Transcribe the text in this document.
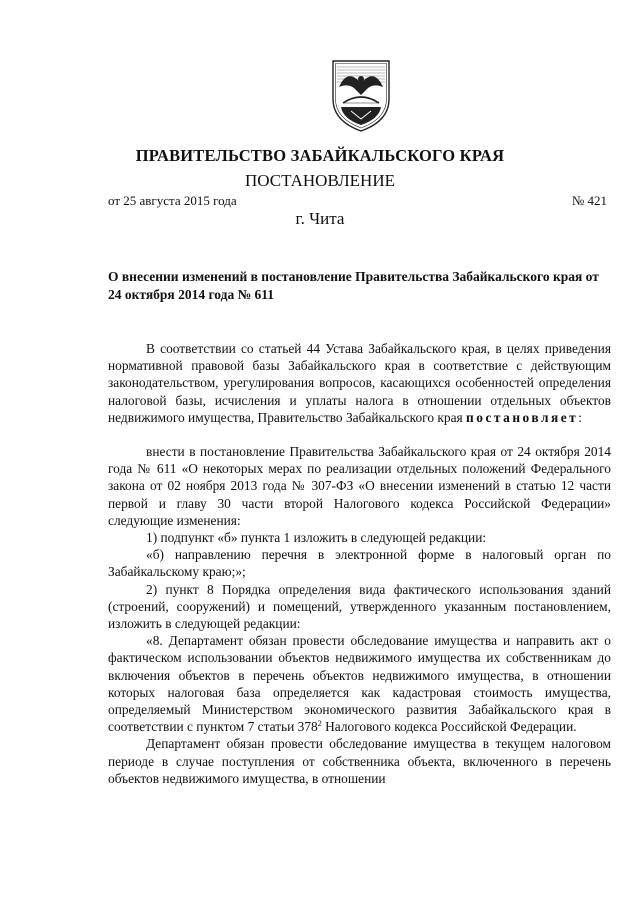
ПРАВИТЕЛЬСТВО ЗАБАЙКАЛЬСКОГО КРАЯ
ПОСТАНОВЛЕНИЕ
от 25 августа 2015 года	№ 421
г. Чита
О внесении изменений в постановление Правительства Забайкальского края от 24 октября 2014 года № 611

В соответствии со статьей 44 Устава Забайкальского края, в целях приведения нормативной правовой базы Забайкальского края в соответствие с действующим законодательством, урегулирования вопросов, касающихся особенностей определения налоговой базы, исчисления и уплаты налога в отношении отдельных объектов недвижимого имущества, Правительство Забайкальского края постановляет:

внести в постановление Правительства Забайкальского края от 24 октября 2014 года № 611 «О некоторых мерах по реализации отдельных положений Федерального закона от 02 ноября 2013 года № 307-ФЗ «О внесении изменений в статью 12 части первой и главу 30 части второй Налогового кодекса Российской Федерации» следующие изменения:

1) подпункт «б» пункта 1 изложить в следующей редакции:

«б) направлению перечня в электронной форме в налоговый орган по Забайкальскому краю;»;

2) пункт 8 Порядка определения вида фактического использования зданий (строений, сооружений) и помещений, утвержденного указанным постановлением, изложить в следующей редакции:

«8. Департамент обязан провести обследование имущества и направить акт о фактическом использовании объектов недвижимого имущества их собственникам до включения объектов в перечень объектов недвижимого имущества, в отношении которых налоговая база определяется как кадастровая стоимость имущества, определяемый Министерством экономического развития Забайкальского края в соответствии с пунктом 7 статьи $378^2$ Налогового кодекса Российской Федерации.

Департамент обязан провести обследование имущества в текущем налоговом периоде в случае поступления от собственника объекта, включенного в перечень объектов недвижимого имущества, в отношении
